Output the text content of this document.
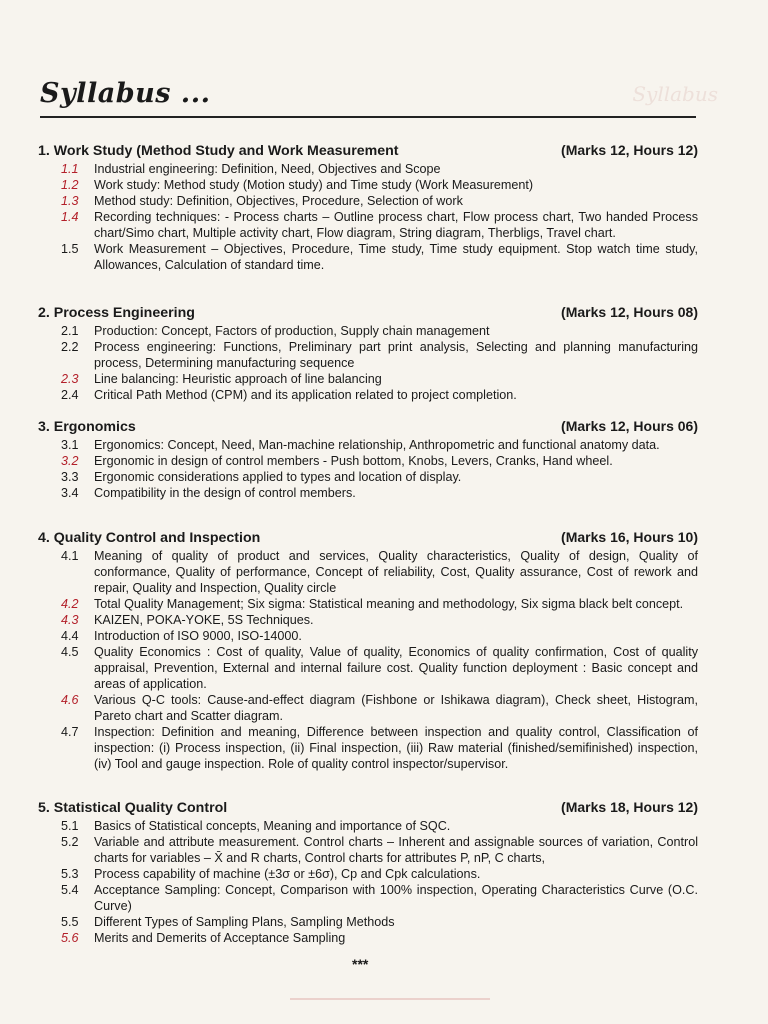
Syllabus ...	Syllabus
1. Work Study (Method Study and Work Measurement	(Marks 12, Hours 12)
1.1	Industrial engineering: Definition, Need, Objectives and Scope
1.2	Work study: Method study (Motion study) and Time study (Work Measurement)
1.3	Method study: Definition, Objectives, Procedure, Selection of work
1.4	Recording techniques: - Process charts – Outline process chart, Flow process chart, Two handed Process chart/Simo chart, Multiple activity chart, Flow diagram, String diagram, Therbligs, Travel chart.
1.5	Work Measurement – Objectives, Procedure, Time study, Time study equipment. Stop watch time study, Allowances, Calculation of standard time.
2. Process Engineering	(Marks 12, Hours 08)
2.1	Production: Concept, Factors of production, Supply chain management
2.2	Process engineering: Functions, Preliminary part print analysis, Selecting and planning manufacturing process, Determining manufacturing sequence
2.3	Line balancing: Heuristic approach of line balancing
2.4	Critical Path Method (CPM) and its application related to project completion.
3. Ergonomics	(Marks 12, Hours 06)
3.1	Ergonomics: Concept, Need, Man-machine relationship, Anthropometric and functional anatomy data.
3.2	Ergonomic in design of control members - Push bottom, Knobs, Levers, Cranks, Hand wheel.
3.3	Ergonomic considerations applied to types and location of display.
3.4	Compatibility in the design of control members.
4. Quality Control and Inspection	(Marks 16, Hours 10)
4.1	Meaning of quality of product and services, Quality characteristics, Quality of design, Quality of conformance, Quality of performance, Concept of reliability, Cost, Quality assurance, Cost of rework and repair, Quality and Inspection, Quality circle
4.2	Total Quality Management; Six sigma: Statistical meaning and methodology, Six sigma black belt concept.
4.3	KAIZEN, POKA-YOKE, 5S Techniques.
4.4	Introduction of ISO 9000, ISO-14000.
4.5	Quality Economics : Cost of quality, Value of quality, Economics of quality confirmation, Cost of quality appraisal, Prevention, External and internal failure cost. Quality function deployment : Basic concept and areas of application.
4.6	Various Q-C tools: Cause-and-effect diagram (Fishbone or Ishikawa diagram), Check sheet, Histogram, Pareto chart and Scatter diagram.
4.7	Inspection: Definition and meaning, Difference between inspection and quality control, Classification of inspection: (i) Process inspection, (ii) Final inspection, (iii) Raw material (finished/semifinished) inspection, (iv) Tool and gauge inspection. Role of quality control inspector/supervisor.
5. Statistical Quality Control	(Marks 18, Hours 12)
5.1	Basics of Statistical concepts, Meaning and importance of SQC.
5.2	Variable and attribute measurement. Control charts – Inherent and assignable sources of variation, Control charts for variables – X̄ and R charts, Control charts for attributes P, nP, C charts,
5.3	Process capability of machine (±3σ or ±6σ), Cp and Cpk calculations.
5.4	Acceptance Sampling: Concept, Comparison with 100% inspection, Operating Characteristics Curve (O.C. Curve)
5.5	Different Types of Sampling Plans, Sampling Methods
5.6	Merits and Demerits of Acceptance Sampling
***
